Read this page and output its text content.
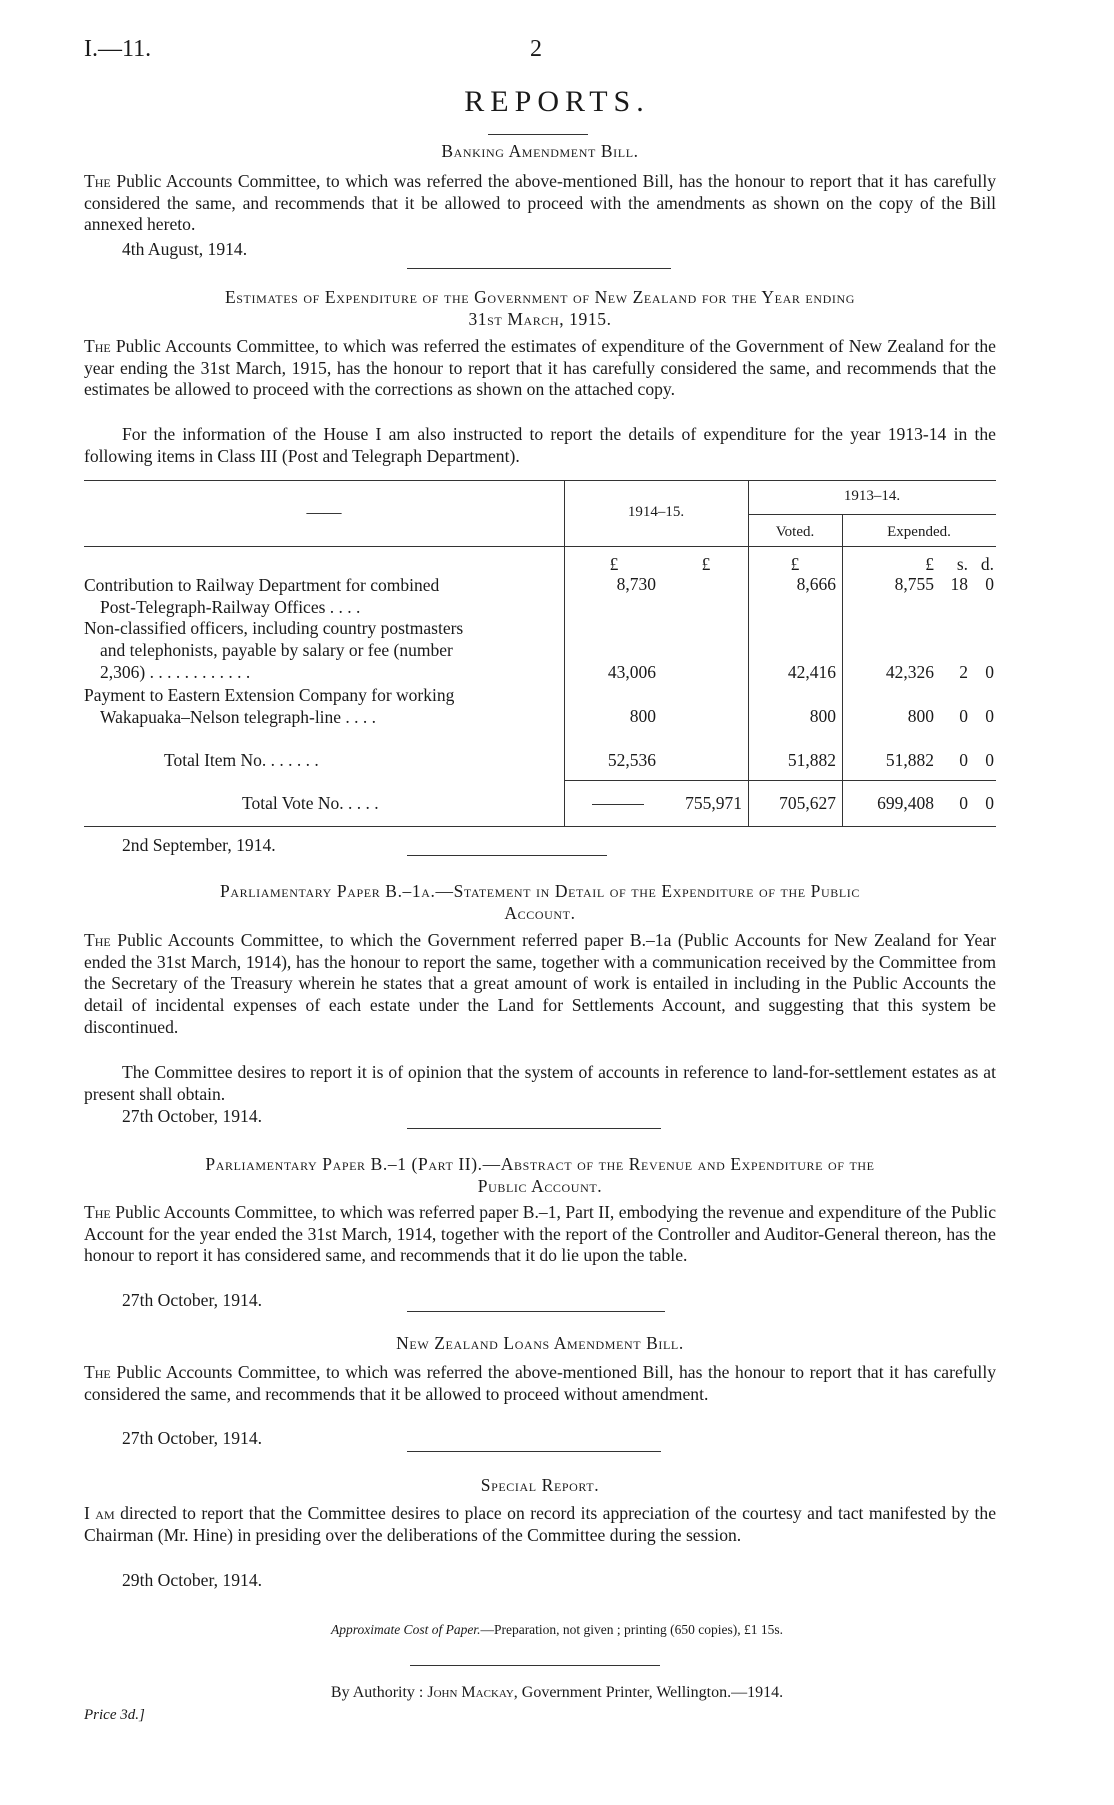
I.—11.	2
REPORTS.
Banking Amendment Bill.

The Public Accounts Committee, to which was referred the above-mentioned Bill, has the honour to report that it has carefully considered the same, and recommends that it be allowed to proceed with the amendments as shown on the copy of the Bill annexed hereto.

4th August, 1914.
Estimates of Expenditure of the Government of New Zealand for the Year ending
31st March, 1915.

The Public Accounts Committee, to which was referred the estimates of expenditure of the Government of New Zealand for the year ending the 31st March, 1915, has the honour to report that it has carefully considered the same, and recommends that the estimates be allowed to proceed with the corrections as shown on the attached copy.

For the information of the House I am also instructed to report the details of expenditure for the year 1913-14 in the following items in Class III (Post and Telegraph Department).

——	1914–15.
1913–14.
Voted.	Expended.
£	£	£	£	s. d.
Contribution to Railway Department for combined
Post-Telegraph-Railway Offices . . . .
8,730	8,666	8,755 18 0
Non-classified officers, including country postmasters
and telephonists, payable by salary or fee (number
2,306) . . . . . . . . . . . .	43,006	42,416	42,326	2 0
Payment to Eastern Extension Company for working
Wakapuaka–Nelson telegraph-line . . . .	800	800	800	0 0
Total Item No. . . . . . .	52,536	51,882	51,882	0 0
Total Vote No. . . . .	755,971	705,627	699,408	0 0
2nd September, 1914.
Parliamentary Paper B.–1a.—Statement in Detail of the Expenditure of the Public
Account.

The Public Accounts Committee, to which the Government referred paper B.–1a (Public Accounts for New Zealand for Year ended the 31st March, 1914), has the honour to report the same, together with a communication received by the Committee from the Secretary of the Treasury wherein he states that a great amount of work is entailed in including in the Public Accounts the detail of incidental expenses of each estate under the Land for Settlements Account, and suggesting that this system be discontinued.

The Committee desires to report it is of opinion that the system of accounts in reference to land-for-settlement estates as at present shall obtain.

27th October, 1914.
Parliamentary Paper B.–1 (Part II).—Abstract of the Revenue and Expenditure of the
Public Account.

The Public Accounts Committee, to which was referred paper B.–1, Part II, embodying the revenue and expenditure of the Public Account for the year ended the 31st March, 1914, together with the report of the Controller and Auditor-General thereon, has the honour to report it has considered same, and recommends that it do lie upon the table.

27th October, 1914.
New Zealand Loans Amendment Bill.

The Public Accounts Committee, to which was referred the above-mentioned Bill, has the honour to report that it has carefully considered the same, and recommends that it be allowed to proceed without amendment.

27th October, 1914.
Special Report.

I am directed to report that the Committee desires to place on record its appreciation of the courtesy and tact manifested by the Chairman (Mr. Hine) in presiding over the deliberations of the Committee during the session.

29th October, 1914.
Approximate Cost of Paper.—Preparation, not given ; printing (650 copies), £1 15s.
By Authority : John Mackay, Government Printer, Wellington.—1914.
Price 3d.]
